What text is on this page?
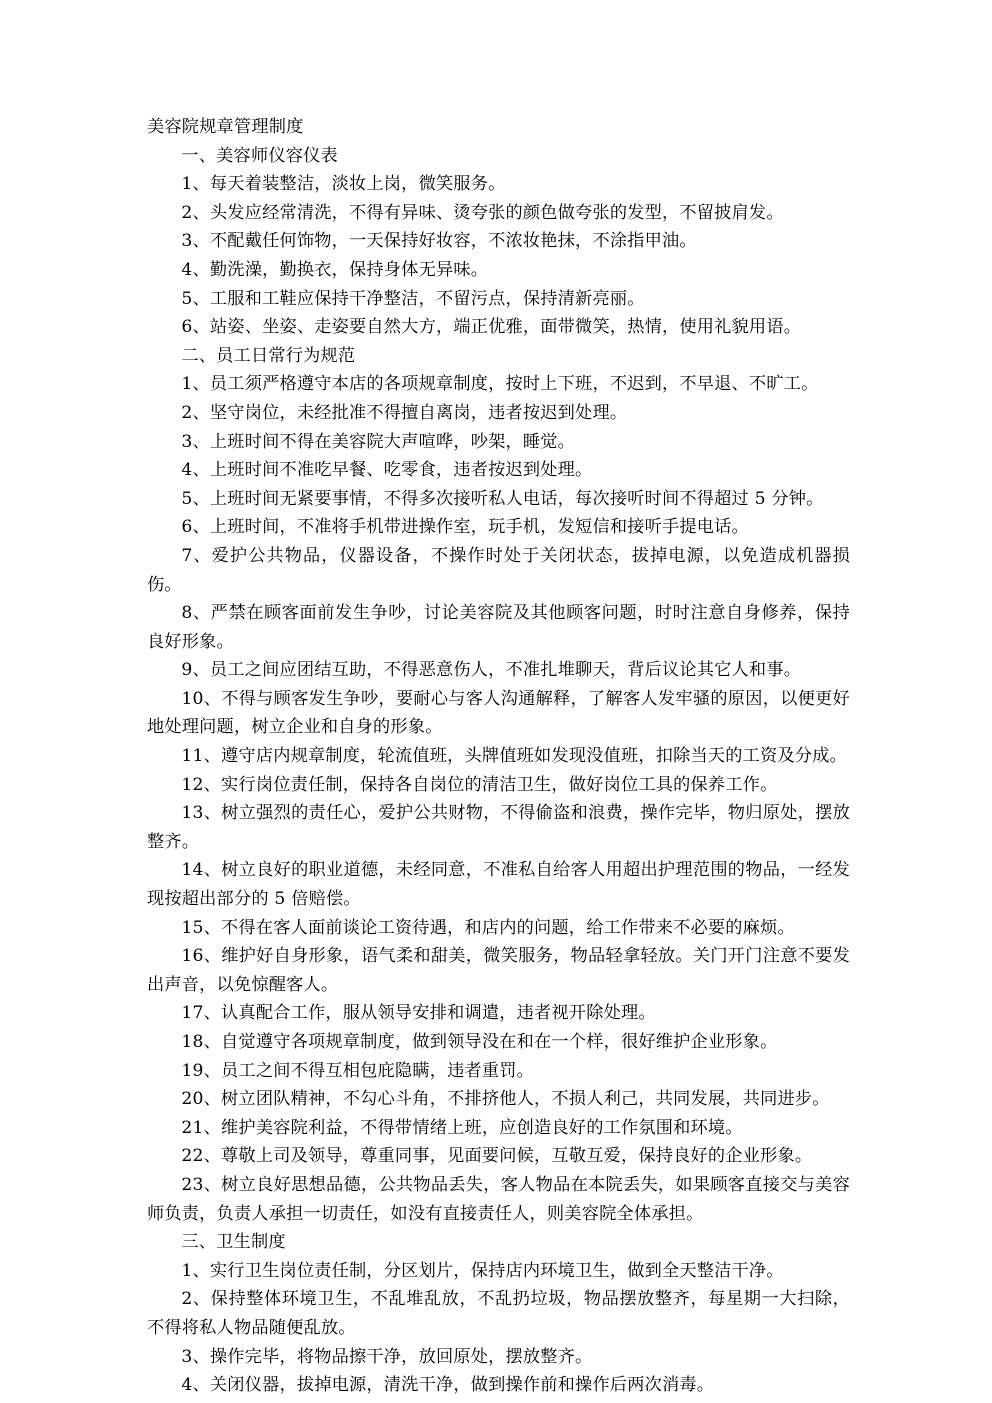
美容院规章管理制度

一、美容师仪容仪表

1、每天着装整洁，淡妆上岗，微笑服务。

2、头发应经常清洗，不得有异味、烫夸张的颜色做夸张的发型，不留披肩发。

3、不配戴任何饰物，一天保持好妆容，不浓妆艳抹，不涂指甲油。

4、勤洗澡，勤换衣，保持身体无异味。

5、工服和工鞋应保持干净整洁，不留污点，保持清新亮丽。

6、站姿、坐姿、走姿要自然大方，端正优雅，面带微笑，热情，使用礼貌用语。

二、员工日常行为规范

1、员工须严格遵守本店的各项规章制度，按时上下班，不迟到，不早退、不旷工。

2、坚守岗位，未经批准不得擅自离岗，违者按迟到处理。

3、上班时间不得在美容院大声喧哗，吵架，睡觉。

4、上班时间不准吃早餐、吃零食，违者按迟到处理。

5、上班时间无紧要事情，不得多次接听私人电话，每次接听时间不得超过 5 分钟。

6、上班时间，不准将手机带进操作室，玩手机，发短信和接听手提电话。

7、爱护公共物品，仪器设备，不操作时处于关闭状态，拔掉电源，以免造成机器损伤。

8、严禁在顾客面前发生争吵，讨论美容院及其他顾客问题，时时注意自身修养，保持良好形象。

9、员工之间应团结互助，不得恶意伤人，不准扎堆聊天，背后议论其它人和事。

10、不得与顾客发生争吵，要耐心与客人沟通解释，了解客人发牢骚的原因，以便更好地处理问题，树立企业和自身的形象。

11、遵守店内规章制度，轮流值班，头牌值班如发现没值班，扣除当天的工资及分成。

12、实行岗位责任制，保持各自岗位的清洁卫生，做好岗位工具的保养工作。

13、树立强烈的责任心，爱护公共财物，不得偷盗和浪费，操作完毕，物归原处，摆放整齐。

14、树立良好的职业道德，未经同意，不准私自给客人用超出护理范围的物品，一经发现按超出部分的 5 倍赔偿。

15、不得在客人面前谈论工资待遇，和店内的问题，给工作带来不必要的麻烦。

16、维护好自身形象，语气柔和甜美，微笑服务，物品轻拿轻放。关门开门注意不要发出声音，以免惊醒客人。

17、认真配合工作，服从领导安排和调遣，违者视开除处理。

18、自觉遵守各项规章制度，做到领导没在和在一个样，很好维护企业形象。

19、员工之间不得互相包庇隐瞒，违者重罚。

20、树立团队精神，不勾心斗角，不排挤他人，不损人利己，共同发展，共同进步。

21、维护美容院利益，不得带情绪上班，应创造良好的工作氛围和环境。

22、尊敬上司及领导，尊重同事，见面要问候，互敬互爱，保持良好的企业形象。

23、树立良好思想品德，公共物品丢失，客人物品在本院丢失，如果顾客直接交与美容师负责，负责人承担一切责任，如没有直接责任人，则美容院全体承担。

三、卫生制度

1、实行卫生岗位责任制，分区划片，保持店内环境卫生，做到全天整洁干净。

2、保持整体环境卫生，不乱堆乱放，不乱扔垃圾，物品摆放整齐，每星期一大扫除，不得将私人物品随便乱放。

3、操作完毕，将物品擦干净，放回原处，摆放整齐。

4、关闭仪器，拔掉电源，清洗干净，做到操作前和操作后两次消毒。
